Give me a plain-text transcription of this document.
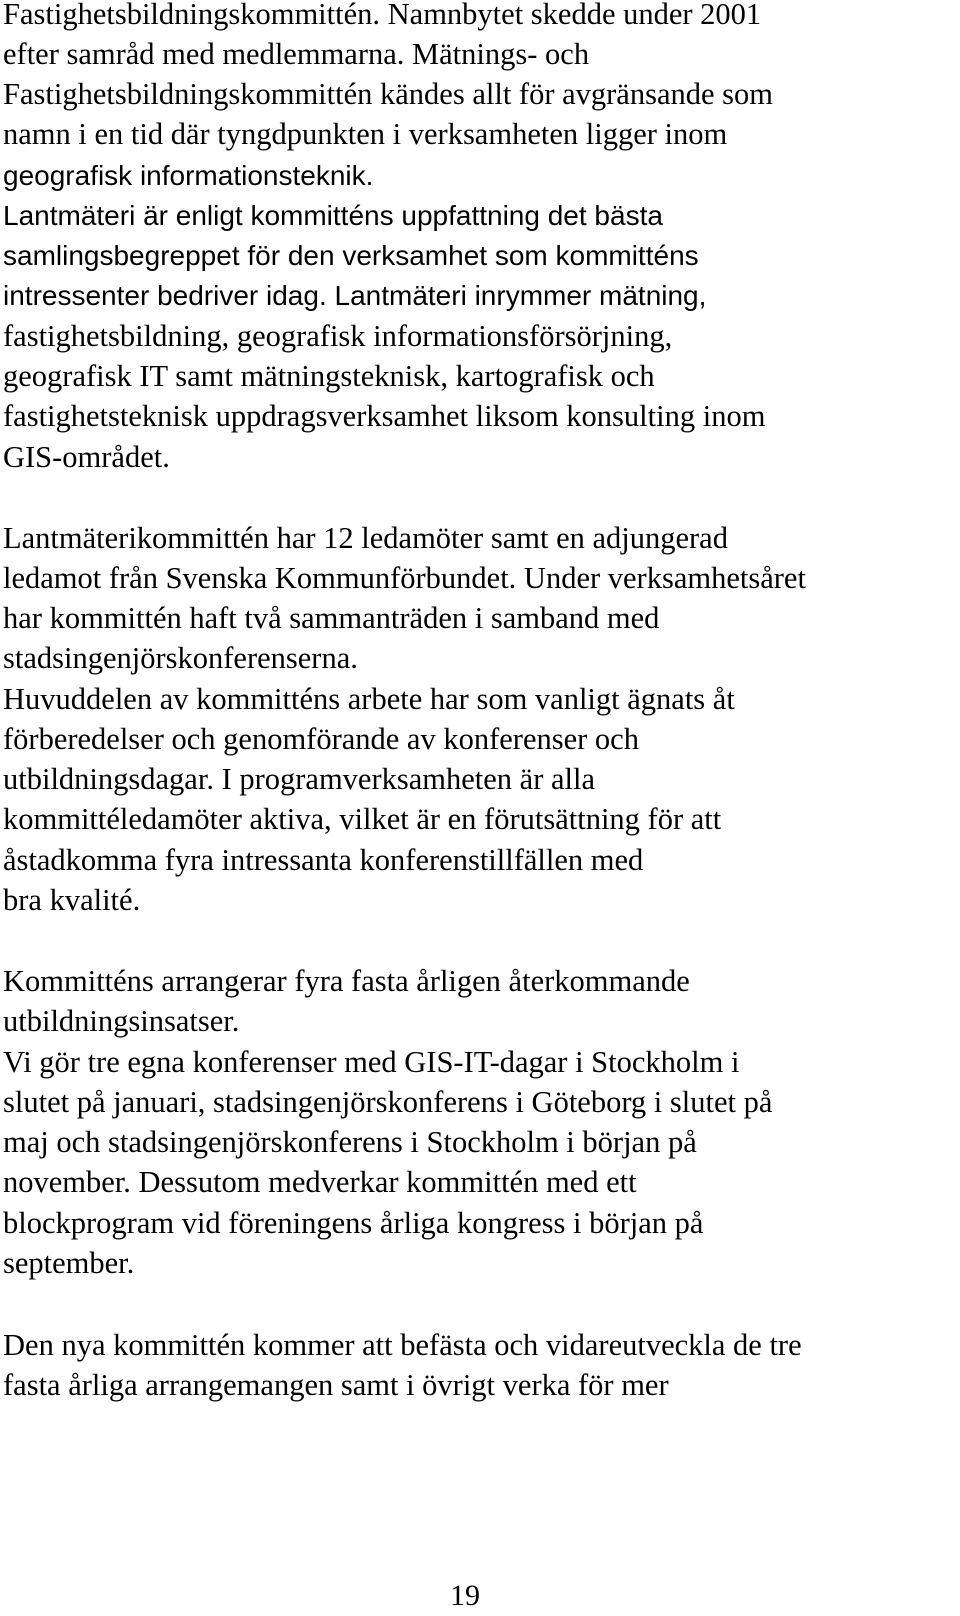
Fastighetsbildningskommittén. Namnbytet skedde under 2001
efter samråd med medlemmarna. Mätnings- och
Fastighetsbildningskommittén kändes allt för avgränsande som
namn i en tid där tyngdpunkten i verksamheten ligger inom
geografisk informationsteknik.
Lantmäteri är enligt kommitténs uppfattning det bästa
samlingsbegreppet för den verksamhet som kommitténs
intressenter bedriver idag. Lantmäteri inrymmer mätning,
fastighetsbildning, geografisk informationsförsörjning,
geografisk IT samt mätningsteknisk, kartografisk och
fastighetsteknisk uppdragsverksamhet liksom konsulting inom
GIS-området.
Lantmäterikommittén har 12 ledamöter samt en adjungerad
ledamot från Svenska Kommunförbundet. Under verksamhetsåret
har kommittén haft två sammanträden i samband med
stadsingenjörskonferenserna.
Huvuddelen av kommitténs arbete har som vanligt ägnats åt
förberedelser och genomförande av konferenser och
utbildningsdagar. I programverksamheten är alla
kommittéledamöter aktiva, vilket är en förutsättning för att
åstadkomma fyra intressanta konferenstillfällen med
bra kvalité.
Kommitténs arrangerar fyra fasta årligen återkommande
utbildningsinsatser.
Vi gör tre egna konferenser med GIS-IT-dagar i Stockholm i
slutet på januari, stadsingenjörskonferens i Göteborg i slutet på
maj och stadsingenjörskonferens i Stockholm i början på
november. Dessutom medverkar kommittén med ett
blockprogram vid föreningens årliga kongress i början på
september.
Den nya kommittén kommer att befästa och vidareutveckla de tre
fasta årliga arrangemangen samt i övrigt verka för mer
19
